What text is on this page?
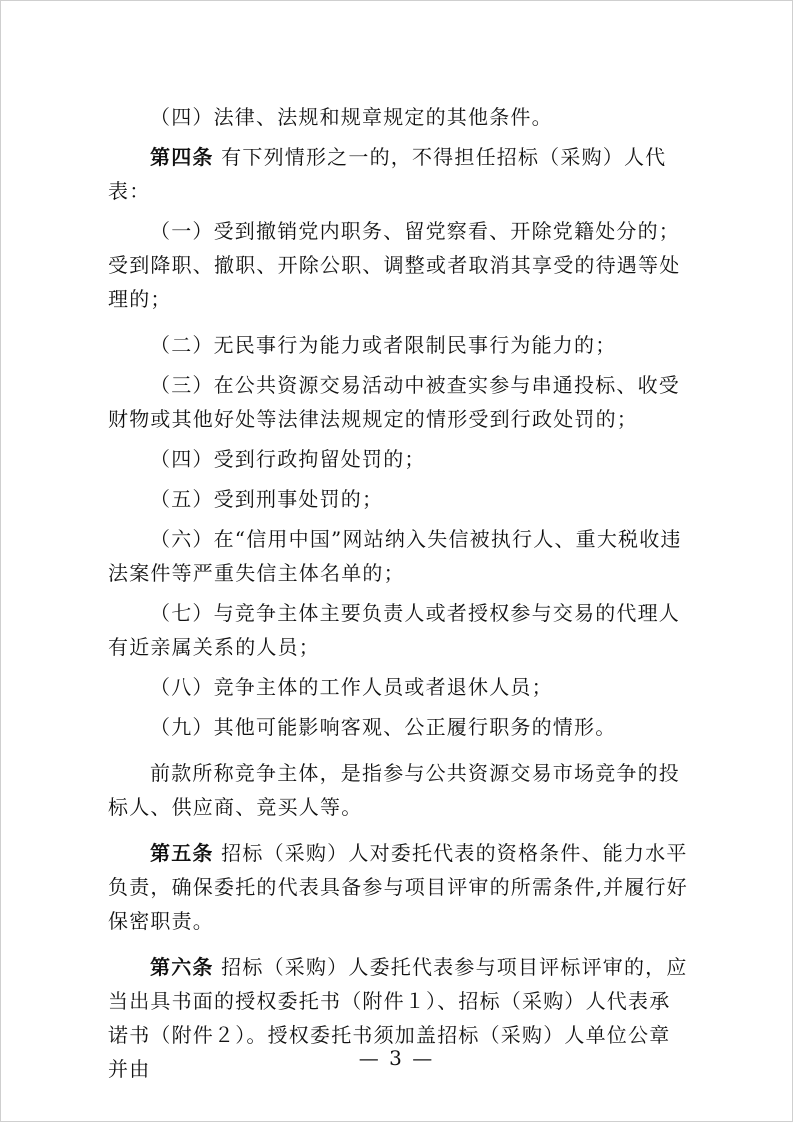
（四）法律、法规和规章规定的其他条件。

第四条 有下列情形之一的，不得担任招标（采购）人代表：

（一）受到撤销党内职务、留党察看、开除党籍处分的；受到降职、撤职、开除公职、调整或者取消其享受的待遇等处理的；

（二）无民事行为能力或者限制民事行为能力的；

（三）在公共资源交易活动中被查实参与串通投标、收受财物或其他好处等法律法规规定的情形受到行政处罚的；

（四）受到行政拘留处罚的；

（五）受到刑事处罚的；

（六）在“信用中国”网站纳入失信被执行人、重大税收违法案件等严重失信主体名单的；

（七）与竞争主体主要负责人或者授权参与交易的代理人有近亲属关系的人员；

（八）竞争主体的工作人员或者退休人员；

（九）其他可能影响客观、公正履行职务的情形。

前款所称竞争主体，是指参与公共资源交易市场竞争的投标人、供应商、竞买人等。

第五条 招标（采购）人对委托代表的资格条件、能力水平负责，确保委托的代表具备参与项目评审的所需条件,并履行好保密职责。

第六条 招标（采购）人委托代表参与项目评标评审的，应当出具书面的授权委托书（附件１）、招标（采购）人代表承诺书（附件２）。授权委托书须加盖招标（采购）人单位公章并由	— 3 —
